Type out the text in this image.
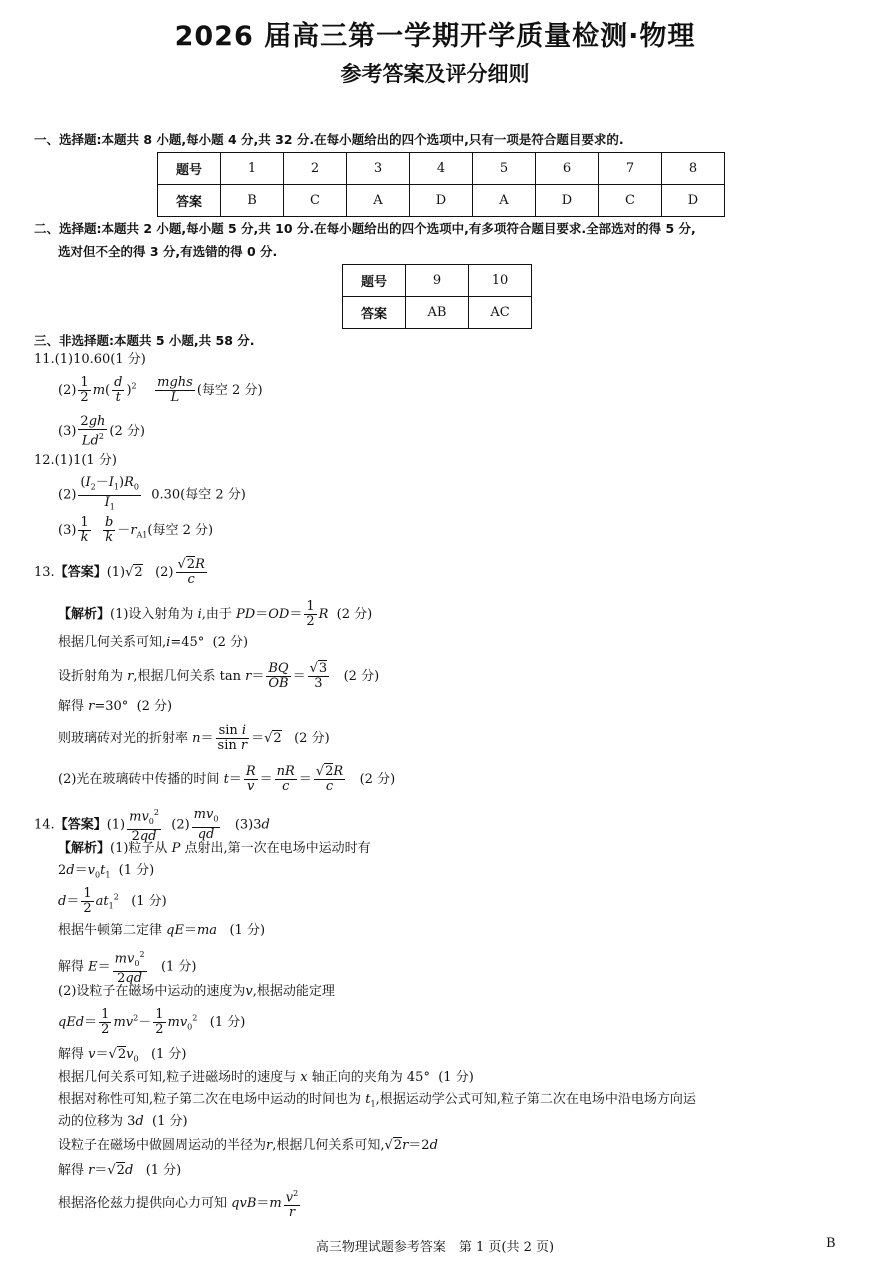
2026 届高三第一学期开学质量检测·物理
参考答案及评分细则
一、选择题:本题共 8 小题,每小题 4 分,共 32 分.在每小题给出的四个选项中,只有一项是符合题目要求的.
题号	1	2	3	4	5	6	7	8
答案	B	C	A	D	A	D	C	D
二、选择题:本题共 2 小题,每小题 5 分,共 10 分.在每小题给出的四个选项中,有多项符合题目要求.全部选对的得 5 分,
选对但不全的得 3 分,有选错的得 0 分.
题号	9	10
答案	AB	AC
三、非选择题:本题共 5 小题,共 58 分.
11.(1)10.60(1 分)
$(2) \frac{1}{2} m( \frac{d}{t} )^2 \frac{\text{mghs}}{L}$ (每空 2 分)
$(3) \frac{2gh}{Ld^2} (2$ 分)
12.(1)1(1 分)
$(2) \frac{(I_2-I_1)R_0}{I_1} 0.30$(每空 2 分)
$(3) \frac{1}{k}$
$\frac{b}{k} -r_{A1}$(每空 2 分)
13.【答案】(1)√2   $(2) \frac{√2R}{c}$
【解析】(1)设入射角为 i,由于 $PD=OD= \frac{1}{2}$ R (2 分)
根据几何关系可知,i=45° (2 分)
设折射角为 r,根据几何关系 $\tan r= \frac{BQ}{OB} = \frac{√3}{3} (2$ 分)
解得 r=30° (2 分)
则玻璃砖对光的折射率 $n= \frac{\text{sin i}}{\text{sin r}} =√2$ (2 分)
(2)光在玻璃砖中传播的时间 $t= \frac{R}{v} = \frac{nR}{c} = \frac{√2R}{c} (2$ 分)
14.【答案】$(1) \frac{mv_0^2}{2qd} (2) \frac{mv_0}{qd} (3)3d$
【解析】(1)粒子从 P 点射出,第一次在电场中运动时有
$2d=v_0t_1$ (1 分)
$d= \frac{1}{2} at_1^2$ (1 分)
根据牛顿第二定律 qE＝ma (1 分)
解得 $E= \frac{mv_0^2}{2qd} (1$ 分)
(2)设粒子在磁场中运动的速度为v,根据动能定理
$qEd= \frac{1}{2} mv^2- \frac{1}{2} mv_0^2$ (1 分)
解得 $v=√2v_0$ (1 分)
根据几何关系可知,粒子进磁场时的速度与 x 轴正向的夹角为 45° (1 分)
根据对称性可知,粒子第二次在电场中运动的时间也为 $t_1$,根据运动学公式可知,粒子第二次在电场中沿电场方向运
动的位移为 3d (1 分)
设粒子在磁场中做圆周运动的半径为r,根据几何关系可知,√2r＝2d
解得 r＝√2d (1 分)
根据洛伦兹力提供向心力可知 $qvB=m \frac{v^2}{r}$
高三物理试题参考答案　第 1 页(共 2 页)	B
